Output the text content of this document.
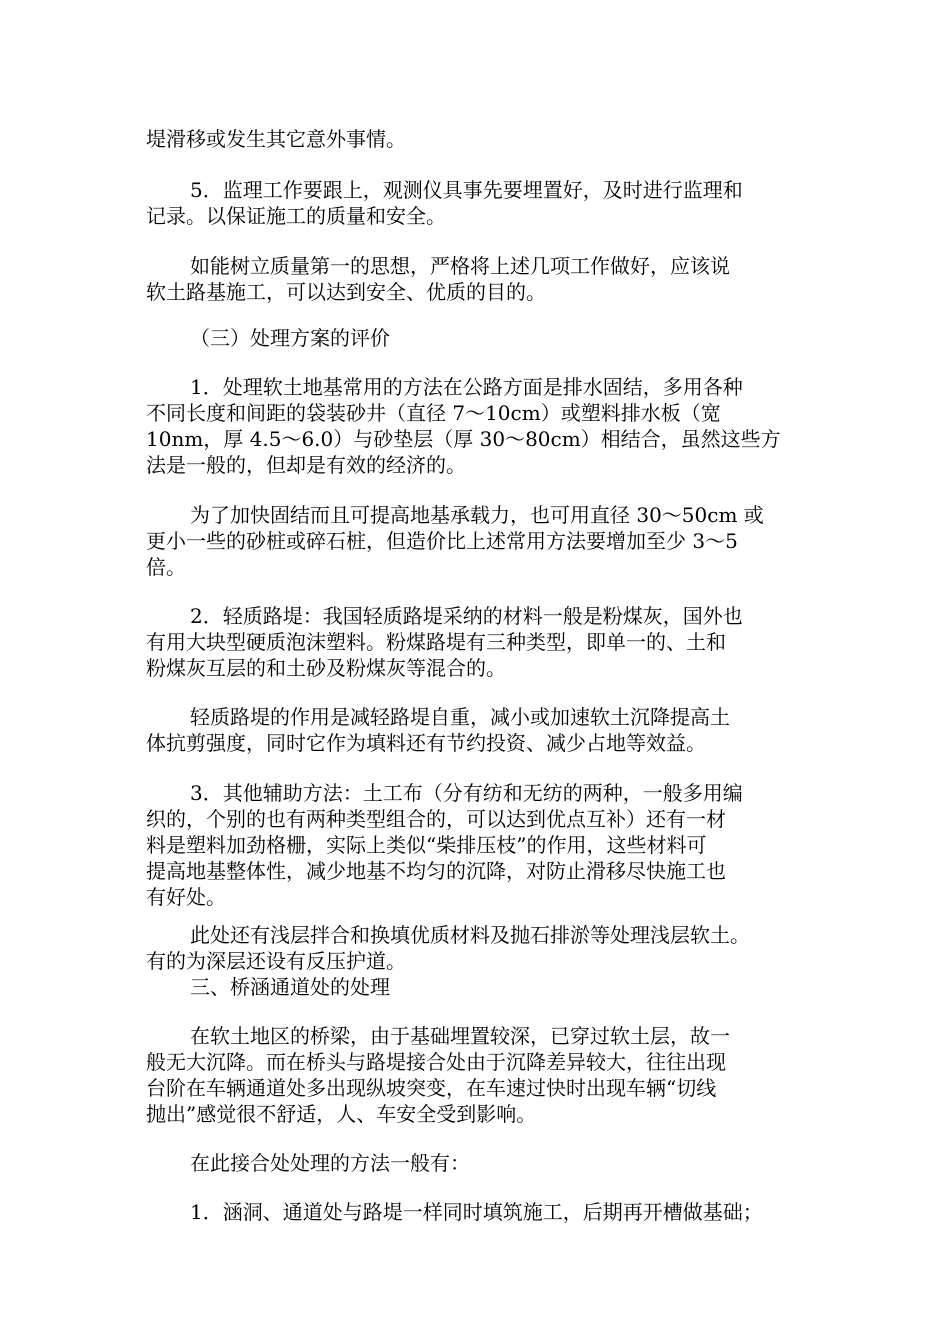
堤滑移或发生其它意外事情。
5．监理工作要跟上，观测仪具事先要埋置好，及时进行监理和
记录。以保证施工的质量和安全。
如能树立质量第一的思想，严格将上述几项工作做好，应该说
软土路基施工，可以达到安全、优质的目的。
（三）处理方案的评价
1．处理软土地基常用的方法在公路方面是排水固结，多用各种
不同长度和间距的袋装砂井（直径 7～10cm）或塑料排水板（宽
10nm，厚 4.5～6.0）与砂垫层（厚 30～80cm）相结合，虽然这些方
法是一般的，但却是有效的经济的。
为了加快固结而且可提高地基承载力，也可用直径 30～50cm 或
更小一些的砂桩或碎石桩，但造价比上述常用方法要增加至少 3～5
倍。
2．轻质路堤：我国轻质路堤采纳的材料一般是粉煤灰，国外也
有用大块型硬质泡沫塑料。粉煤路堤有三种类型，即单一的、土和
粉煤灰互层的和土砂及粉煤灰等混合的。
轻质路堤的作用是减轻路堤自重，减小或加速软土沉降提高土
体抗剪强度，同时它作为填料还有节约投资、减少占地等效益。
3．其他辅助方法：土工布（分有纺和无纺的两种，一般多用编
织的，个别的也有两种类型组合的，可以达到优点互补）还有一材
料是塑料加劲格栅，实际上类似“柴排压枝”的作用，这些材料可
提高地基整体性，减少地基不均匀的沉降，对防止滑移尽快施工也
有好处。
此处还有浅层拌合和换填优质材料及抛石排淤等处理浅层软土。
有的为深层还设有反压护道。
三、桥涵通道处的处理
在软土地区的桥梁，由于基础埋置较深，已穿过软土层，故一
般无大沉降。而在桥头与路堤接合处由于沉降差异较大，往往出现
台阶在车辆通道处多出现纵坡突变，在车速过快时出现车辆“切线
抛出”感觉很不舒适，人、车安全受到影响。
在此接合处处理的方法一般有：
1．涵洞、通道处与路堤一样同时填筑施工，后期再开槽做基础；
